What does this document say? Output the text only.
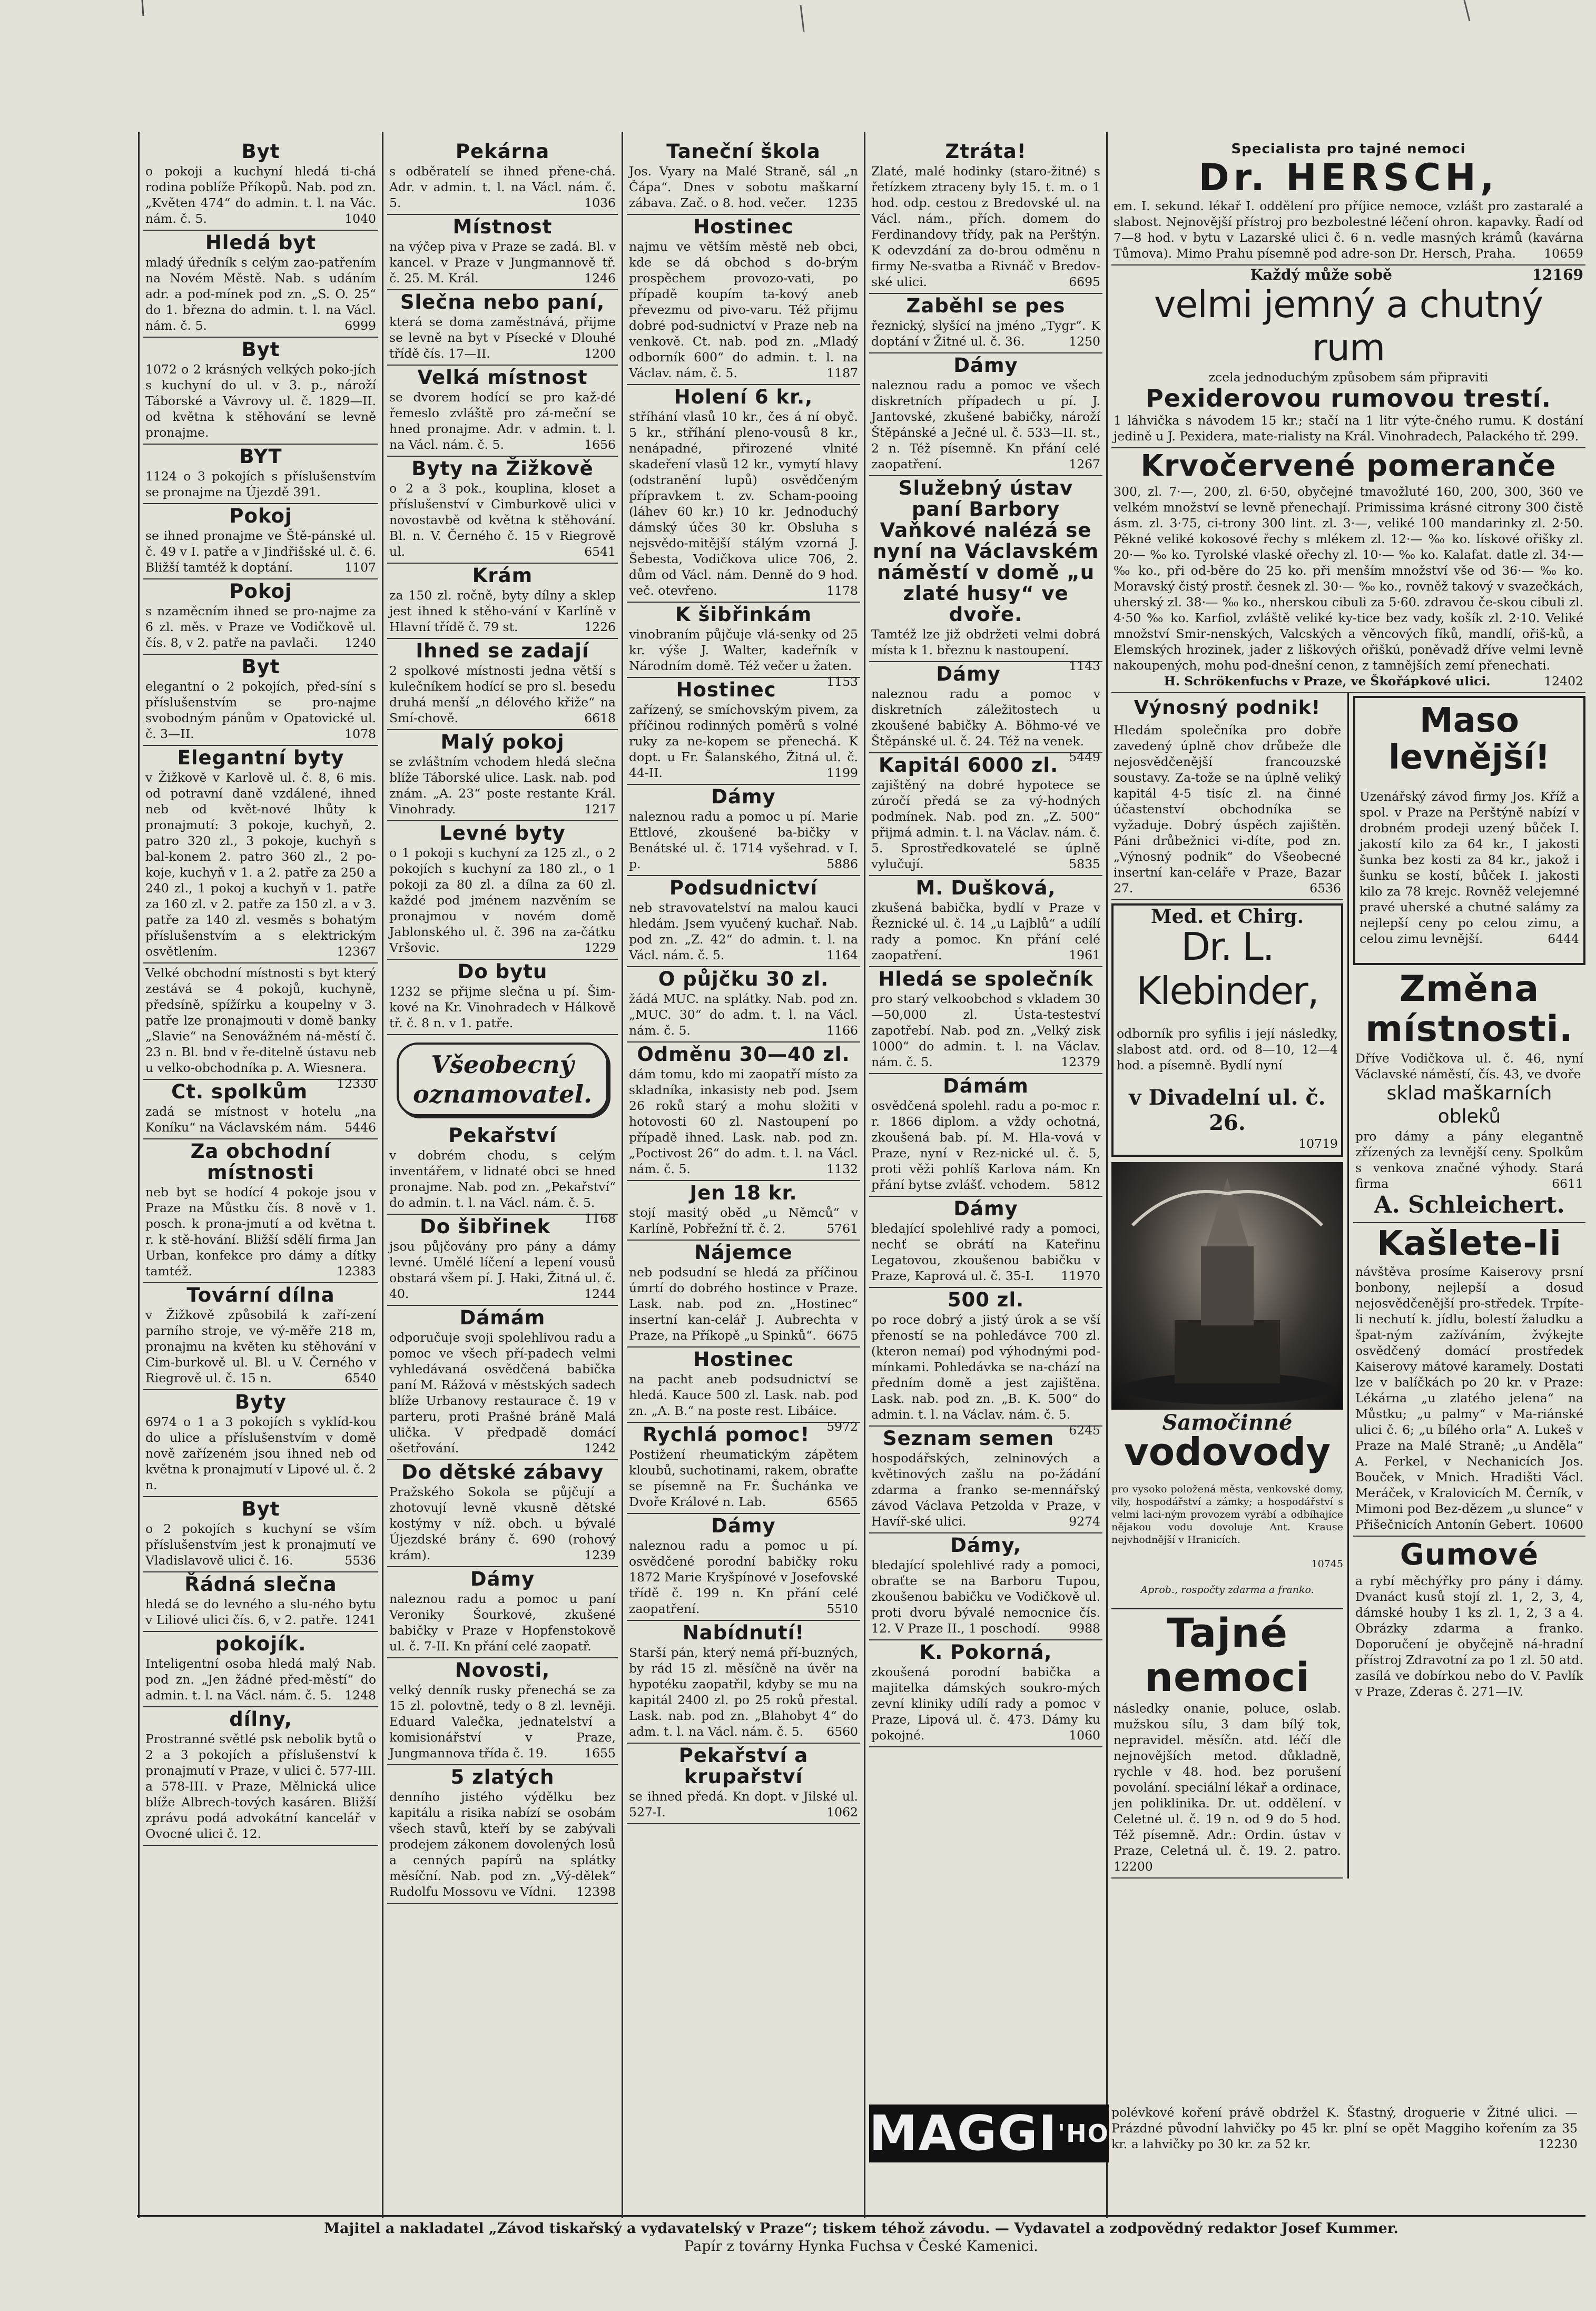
Byt

o pokoji a kuchyní hledá ti-chá rodina poblíže Příkopů. Nab. pod zn. „Květen 474“ do admin. t. l. na Vác. nám. č. 5.	1040

Hledá byt

mladý úředník s celým zao-patřením na Novém Městě. Nab. s udáním adr. a pod-mínek pod zn. „S. O. 25“ do 1. března do admin. t. l. na Václ. nám. č. 5.	6999

Byt

1072 o 2 krásných velkých poko-jích s kuchyní do ul. v 3. p., nároží Táborské a Vávrovy ul. č. 1829—II. od května k stěhování se levně pronajme.

BYT

1124 o 3 pokojích s příslušenstvím se pronajme na Újezdě 391.

Pokoj

se ihned pronajme ve Ště-pánské ul. č. 49 v I. patře a v Jindřišské ul. č. 6. Bližší tamtéž k doptání.	1107

Pokoj

s nzaměcním ihned se pro-najme za 6 zl. měs. v Praze ve Vodičkově ul. čís. 8, v 2. patře na pavlači. 1240

Byt

elegantní o 2 pokojích, před-síní s příslušenstvím se pro-najme svobodným pánům v Opatovické ul. č. 3—II.	1078

Elegantní byty

v Žižkově v Karlově ul. č. 8, 6 mis. od potravní daně vzdálené, ihned neb od květ-nové lhůty k pronajmutí: 3 pokoje, kuchyň, 2. patro 320 zl., 3 pokoje, kuchyň s bal-konem 2. patro 360 zl., 2 po-koje, kuchyň v 1. a 2. patře za 250 a 240 zl., 1 pokoj a kuchyň v 1. patře za 160 zl. v 2. patře za 150 zl. a v 3. patře za 140 zl. vesměs s bohatým příslušenstvím a s elektrickým osvětlením.	12367

Velké obchodní místnosti s byt který zestává se 4 pokojů, kuchyně, předsíně, spížírku a koupelny v 3. patře lze pronajmouti v domě banky „Slavie“ na Senovážném ná-městí č. 23 n. Bl. bnd v ře-ditelně ústavu neb u velko-obchodníka p. A. Wiesnera.
12330

Ct. spolkům

zadá se místnost v hotelu „na Koníku“ na Václavském nám. 5446

Za obchodní místnosti

neb byt se hodící 4 pokoje jsou v Praze na Můstku čís. 8 nově v 1. posch. k prona-jmutí a od května t. r. k stě-hování. Bližší sdělí firma Jan Urban, konfekce pro dámy a dítky tamtéž.	12383

Tovární dílna

v Žižkově způsobilá k zaří-zení parního stroje, ve vý-měře 218 m, pronajmu na květen ku stěhování v Cim-burkově ul. Bl. u V. Černého v Riegrově ul. č. 15 n.	6540

Byty

6974 o 1 a 3 pokojích s vyklíd-kou do ulice a příslušenstvím v domě nově zařízeném jsou ihned neb od května k pronajmutí v Lipové ul. č. 2 n.

Byt

o 2 pokojích s kuchyní se vším příslušenstvím jest k pronajmutí ve Vladislavově ulici č. 16.	5536

Řádná slečna

hledá se do levného a slu-ného bytu v Liliové ulici čís. 6, v 2. patře. 1241

pokojík.

Inteligentní osoba hledá malý Nab. pod zn. „Jen žádné před-městí“ do admin. t. l. na Václ. nám. č. 5. 1248

dílny,

Prostranné světlé psk nebolik bytů o 2 a 3 pokojích a příslušenství k pronajmutí v Praze, v ulici č. 577-III. a 578-III. v Praze, Mělnická ulice blíže Albrech-tových kasáren. Bližší zprávu podá advokátní kancelář v Ovocné ulici č. 12.

Pekárna

s odběratelí se ihned přene-chá. Adr. v admin. t. l. na Václ. nám. č. 5.	1036

Místnost

na výčep piva v Praze se zadá. Bl. v kancel. v Praze v Jungmannově tř. č. 25. M. Král.	1246

Slečna nebo paní,

která se doma zaměstnává, přijme se levně na byt v Písecké v Dlouhé třídě čís. 17—II.	1200

Velká místnost

se dvorem hodící se pro kaž-dé řemeslo zvláště pro zá-meční se hned pronajme. Adr. v admin. t. l. na Václ. nám. č. 5.	1656

Byty na Žižkově

o 2 a 3 pok., kouplina, kloset a příslušenství v Cimburkově ulici v novostavbě od května k stěhování. Bl. n. V. Černého č. 15 v Riegrově ul.	6541

Krám

za 150 zl. ročně, byty dílny a sklep jest ihned k stěho-vání v Karlíně v Hlavní třídě č. 79 st.	1226

Ihned se zadají

2 spolkové místnosti jedna větší s kulečníkem hodící se pro sl. besedu druhá menší „n délového křiže“ na Smí-chově.	6618

Malý pokoj

se zvláštním vchodem hledá slečna blíže Táborské ulice. Lask. nab. pod znám. „A. 23“ poste restante Král. Vinohrady.	1217

Levné byty

o 1 pokoji s kuchyní za 125 zl., o 2 pokojích s kuchyní za 180 zl., o 1 pokoji za 80 zl. a dílna za 60 zl. každé pod jménem nazvěním se pronajmou v novém domě Jablonského ul. č. 396 na za-čátku Vršovic.	1229

Do bytu

1232 se přijme slečna u pí. Šim-kové na Kr. Vinohradech v Hálkově tř. č. 8 n. v 1. patře.

Všeobecný
oznamovatel.
Pekařství

v dobrém chodu, s celým inventářem, v lidnaté obci se hned pronajme. Nab. pod zn. „Pekařství“ do admin. t. l. na Václ. nám. č. 5.
1168

Do šibřinek

jsou půjčovány pro pány a dámy levné. Umělé líčení a lepení vousů obstará všem pí. J. Haki, Žitná ul. č. 40.	1244

Dámám

odporučuje svoji spolehlivou radu a pomoc ve všech pří-padech velmi vyhledávaná osvědčená babička paní M. Rážová v městských sadech blíže Urbanovy restaurace č. 19 v parteru, proti Prašné bráně Malá ulička. V předpadě domácí ošetřování.	1242

Do dětské zábavy

Pražského Sokola se půjčují a zhotovují levně vkusně dětské kostýmy v níž. obch. u bývalé Újezdské brány č. 690 (rohový krám).	1239

Dámy

naleznou radu a pomoc u paní Veroniky Šourkové, zkušené babičky v Praze v Hopfenstokově ul. č. 7-II. Kn přání celé zaopatř.

Novosti,

velký denník rusky přenechá se za 15 zl. polovtně, tedy o 8 zl. levněji. Eduard Valečka, jednatelství a komisionářství v Praze, Jungmannova třída č. 19.	1655

5 zlatých

denního jistého výdělku bez kapitálu a risika nabízí se osobám všech stavů, kteří by se zabývali prodejem zákonem dovolených losů a cenných papírů na splátky měsíční. Nab. pod zn. „Vý-dělek“ Rudolfu Mossovu ve Vídni. 12398

Taneční škola

Jos. Vyary na Malé Straně, sál „n Čápa“. Dnes v sobotu maškarní zábava. Zač. o 8. hod. večer. 1235

Hostinec

najmu ve větším městě neb obci, kde se dá obchod s do-brým prospěchem provozo-vati, po případě koupím ta-kový aneb převezmu od pivo-varu. Též přijmu dobré pod-sudnictví v Praze neb na venkově. Ct. nab. pod zn. „Mladý odborník 600“ do admin. t. l. na Václav. nám. č. 5.	1187

Holení 6 kr.,

stříhání vlasů 10 kr., čes á ní obyč. 5 kr., stříhání pleno-vousů 8 kr., nenápadné, přirozené vlnité skadeření vlasů 12 kr., vymytí hlavy (odstranění lupů) osvědčeným přípravkem t. zv. Scham-pooing (láhev 60 kr.) 10 kr. Jednoduchý dámský účes 30 kr. Obsluha s nejsvědo-mitější stálým vzorná J. Šebesta, Vodičkova ulice 706, 2. dům od Václ. nám. Denně do 9 hod. več. otevřeno.	1178

K šibřinkám

vinobraním půjčuje vlá-senky od 25 kr. výše J. Walter, kadeřník v Národním domě. Též večer u žaten.
1153

Hostinec

zařízený, se smíchovským pivem, za příčinou rodinných poměrů s volné ruky za ne-kopem se přenechá. K dopt. u Fr. Šalanského, Žitná ul. č. 44-II.	1199

Dámy

naleznou radu a pomoc u pí. Marie Ettlové, zkoušené ba-bičky v Benátské ul. č. 1714 vyšehrad. v I. p.	5886

Podsudnictví

neb stravovatelství na malou kauci hledám. Jsem vyučený kuchař. Nab. pod zn. „Z. 42“ do admin. t. l. na Václ. nám. č. 5.	1164

O půjčku 30 zl.

žádá MUC. na splátky. Nab. pod zn. „MUC. 30“ do adm. t. l. na Václ. nám. č. 5.	1166

Odměnu 30—40 zl.

dám tomu, kdo mi zaopatří místo za skladníka, inkasisty neb pod. Jsem 26 roků starý a mohu složiti v hotovosti 60 zl. Nastoupení po případě ihned. Lask. nab. pod zn. „Poctivost 26“ do adm. t. l. na Václ. nám. č. 5.	1132

Jen 18 kr.

stojí masitý oběd „u Němců“ v Karlíně, Pobřežní tř. č. 2.	5761

Nájemce

neb podsudní se hledá za příčinou úmrtí do dobrého hostince v Praze. Lask. nab. pod zn. „Hostinec“ insertní kan-celář J. Aubrechta v Praze, na Příkopě „u Spinků“. 6675

Hostinec

na pacht aneb podsudnictví se hledá. Kauce 500 zl. Lask. nab. pod zn. „A. B.“ na poste rest. Libáice.
5972

Rychlá pomoc!

Postižení rheumatickým zápětem kloubů, suchotinami, rakem, obraťte se písemně na Fr. Šuchánka ve Dvoře Králové n. Lab.	6565

Dámy

naleznou radu a pomoc u pí. osvědčené porodní babičky roku 1872 Marie Kryšpínové v Josefovské třídě č. 199 n. Kn přání celé zaopatření.	5510

Nabídnutí!

Starší pán, který nemá pří-buzných, by rád 15 zl. měsíčně na úvěr na hypotéku zaopatřil, kdyby se mu na kapitál 2400 zl. po 25 roků přestal. Lask. nab. pod zn. „Blahobyt 4“ do adm. t. l. na Václ. nám. č. 5. 6560

Pekařství a krupařství

se ihned předá. Kn dopt. v Jilské ul. 527-I.	1062

Ztráta!

Zlaté, malé hodinky (staro-žitné) s řetízkem ztraceny byly 15. t. m. o 1 hod. odp. cestou z Bredovské ul. na Václ. nám., přích. domem do Ferdinandovy třídy, pak na Perštýn. K odevzdání za do-brou odměnu n firmy Ne-svatba a Rivnáč v Bredov-ské ulici.	6695

Zaběhl se pes

řeznický, slyšící na jméno „Tygr“. K doptání v Žitné ul. č. 36.	1250

Dámy

naleznou radu a pomoc ve všech diskretních případech u pí. J. Jantovské, zkušené babičky, nároží Štěpánské a Ječné ul. č. 533—II. st., 2 n. Též písemně. Kn přání celé zaopatření.	1267

Služebný ústav paní Barbory Vaňkové nalézá se nyní na Václavském náměstí v domě „u zlaté husy“ ve dvoře.

Tamtéž lze již obdržeti velmi dobrá místa k 1. březnu k nastoupení.
1143

Dámy

naleznou radu a pomoc v diskretních záležitostech u zkoušené babičky A. Böhmo-vé ve Štěpánské ul. č. 24. Též na venek.
5449

Kapitál 6000 zl.

zajištěný na dobré hypotece se zúročí předá se za vý-hodných podmínek. Nab. pod zn. „Z. 500“ přijmá admin. t. l. na Václav. nám. č. 5. Sprostředkovatelé se úplně vylučují.	5835

M. Dušková,

zkušená babička, bydlí v Praze v Řeznické ul. č. 14 „u Lajblů“ a udílí rady a pomoc. Kn přání celé zaopatření.	1961

Hledá se společník

pro starý velkoobchod s vkladem 30—50,000 zl. Ústa-testeství zapotřebí. Nab. pod zn. „Velký zisk 1000“ do admin. t. l. na Václav. nám. č. 5.	12379

Dámám

osvědčená spolehl. radu a po-moc r. r. 1866 diplom. a vždy ochotná, zkoušená bab. pí. M. Hla-vová v Praze, nyní v Rez-nické ul. č. 5, proti věži pohlíš Karlova nám. Kn přání bytse zvlášť. vchodem. 5812

Dámy

bledající spolehlivé rady a pomoci, nechť se obrátí na Kateřinu Legatovou, zkoušenou babičku v Praze, Kaprová ul. č. 35-I. 11970

500 zl.

po roce dobrý a jistý úrok a se vší přeností se na pohledávce 700 zl. (kteron nemaí) pod výhodnými pod-mínkami. Pohledávka se na-chází na předním domě a jest zajištěna. Lask. nab. pod zn. „B. K. 500“ do admin. t. l. na Václav. nám. č. 5.
6245

Seznam semen

hospodářských, zelninových a květinových zašlu na po-žádání zdarma a franko se-mennářský závod Václava Petzolda v Praze, v Havíř-ské ulici.	9274

Dámy,

bledající spolehlivé rady a pomoci, obraťte se na Barboru Tupou, zkoušenou babičku ve Vodičkově ul. proti dvoru bývalé nemocnice čís. 12. V Praze II., 1 poschodí. 9988

K. Pokorná,

zkoušená porodní babička a majitelka dámských soukro-mých zevní kliniky udílí rady a pomoc v Praze, Lipová ul. č. 473. Dámy ku pokojné.	1060

Specialista pro tajné nemoci
Dr. HERSCH,

em. I. sekund. lékař I. oddělení pro příjice nemoce, vzlášt pro zastaralé a slabost. Nejnovější přístroj pro bezbolestné léčení ohron. kapavky. Řadí od 7—8 hod. v bytu v Lazarské ulici č. 6 n. vedle masných krámů (kavárna Tůmova). Mimo Prahu písemně pod adre-son Dr. Hersch, Praha. 10659

Každý může sobě	12169

velmi jemný a chutný rum

zcela jednoduchým způsobem sám připraviti

Pexiderovou rumovou trestí.

1 láhvička s návodem 15 kr.; stačí na 1 litr výte-čného rumu. K dostání jedině u J. Pexidera, mate-rialisty na Král. Vinohradech, Palackého tř. 299.

Krvočervené pomeranče

300, zl. 7·—, 200, zl. 6·50, obyčejné tmavožluté 160, 200, 300, 360 ve velkém množství se levně přenechají. Primissima krásné citrony 300 čistě ásm. zl. 3·75, ci-trony 300 lint. zl. 3·—, veliké 100 mandarinky zl. 2·50. Pěkné veliké kokosové řechy s mlékem zl. 12·— ‰ ko. lískové ořišky zl. 20·— ‰ ko. Tyrolské vlaské ořechy zl. 10·— ‰ ko. Kalafat. datle zl. 34·— ‰ ko., při od-běre do 25 ko. při menším množství vše od 36·— ‰ ko. Moravský čistý prostř. česnek zl. 30·— ‰ ko., rovněž takový v svazečkách, uherský zl. 38·— ‰ ko., nherskou cibuli za 5·60. zdravou če-skou cibuli zl. 4·50 ‰ ko. Karfiol, zvláště veliké ky-tice bez vady, košík zl. 2·10. Veliké množství Smir-nenských, Valcských a věncových fíků, mandlí, ořiš-ků, a Elemských hrozinek, jader z liškových ořiškú, poněvadž dříve velmi levně nakoupených, mohu pod-dnešní cenon, z tamnějších zemí přenechati.
12402

H. Schrökenfuchs v Praze, ve Škořápkové ulici.

Výnosný podnik!

Hledám společníka pro dobře zavedený úplně chov drůbeže dle nejosvědčenější francouzské soustavy. Za-tože se na úplně veliký kapitál 4-5 tisíc zl. na činné účastenství obchodníka se vyžaduje. Dobrý úspěch zajištěn. Páni drůbežnici vi-díte, pod zn. „Výnosný podnik“ do Všeobecné insertní kan-celáře v Praze, Bazar 27.	6536

Med. et Chirg.
Dr. L. Klebinder,

odborník pro syfilis i její následky, slabost atd. ord. od 8—10, 12—4 hod. a písemně. Bydlí nyní

v Divadelní ul. č. 26.
10719
Samočinné
vodovody

pro vysoko položená města, venkovské domy, vily, hospodářství a zámky; a hospodářství s velmi laci-ným provozem vyrábí a odbíhajíce nějakou vodu dovoluje Ant. Krause nejvhodnější v Hranicích.

10745

Aprob., rospočty zdarma a franko.

Tajné nemoci

následky onanie, poluce, oslab. mužskou sílu, 3 dam bílý tok, nepravidel. měsíčn. atd. léčí dle nejnovějších metod. důkladně, rychle v 48. hod. bez porušení povolání. speciální lékař a ordinace, jen poliklinika. Dr. ut. oddělení. v Celetné ul. č. 19 n. od 9 do 5 hod. Též písemně. Adr.: Ordin. ústav v Praze, Celetná ul. č. 19. 2. patro. 12200

Maso levnější!

Uzenářský závod firmy Jos. Kříž a spol. v Praze na Perštýně nabízí v drobném prodeji uzený bůček I. jakostí kilo za 64 kr., I jakosti šunka bez kosti za 84 kr., jakož i šunku se kostí, bůček I. jakosti kilo za 78 krejc. Rovněž velejemné pravé uherské a chutné salámy za nejlepší ceny po celou zimu, a celou zimu levnější.	6444

Změna místnosti.

Dříve Vodičkova ul. č. 46, nyní Václavské náměstí, čís. 43, ve dvoře

sklad maškarních obleků

pro dámy a pány elegantně zřízených za levnější ceny. Spolkům s venkova značné výhody. Stará firma	6611

A. Schleichert.

Kašlete-li

návštěva prosíme Kaiserovy prsní bonbony, nejlepší a dosud nejosvědčenější pro-středek. Trpíte-li nechutí k. jídlu, bolestí žaludku a špat-ným zažíváním, žvýkejte osvědčený domácí prostředek Kaiserovy mátové karamely. Dostati lze v balíčkách po 20 kr. v Praze: Lékárna „u zlatého jelena“ na Můstku; „u palmy“ v Ma-riánské ulici č. 6; „u bílého orla“ A. Lukeš v Praze na Malé Straně; „u Anděla“ A. Ferkel, v Nechanicích Jos. Bouček, v Mnich. Hradišti Václ. Meráček, v Kralovicích M. Černík, v Mimoni pod Bez-dězem „u slunce“ v Přišečnicích Antonín Gebert. 10600

Gumové

a rybí měchýřky pro pány i dámy. Dvanáct kusů stojí zl. 1, 2, 3, 4, dámské houby 1 ks zl. 1, 2, 3 a 4. Obrázky zdarma a franko. Doporučení je obyčejně ná-hradní přístroj Zdravotní za po 1 zl. 50 atd. zasílá ve dobírkou nebo do V. Pavlík v Praze, Zderas č. 271—IV.

$MAGGI^{'HO}$
polévkové koření právě obdržel K. Šťastný, droguerie v Žitné ulici. — Prázdné původní lahvičky po 45 kr. plní se opět Maggiho kořením za 35 kr. a lahvičky po 30 kr. za 52 kr.	12230
Majitel a nakladatel „Závod tiskařský a vydavatelský v Praze“; tiskem téhož závodu. — Vydavatel a zodpovědný redaktor Josef Kummer.
Papír z továrny Hynka Fuchsa v České Kamenici.
